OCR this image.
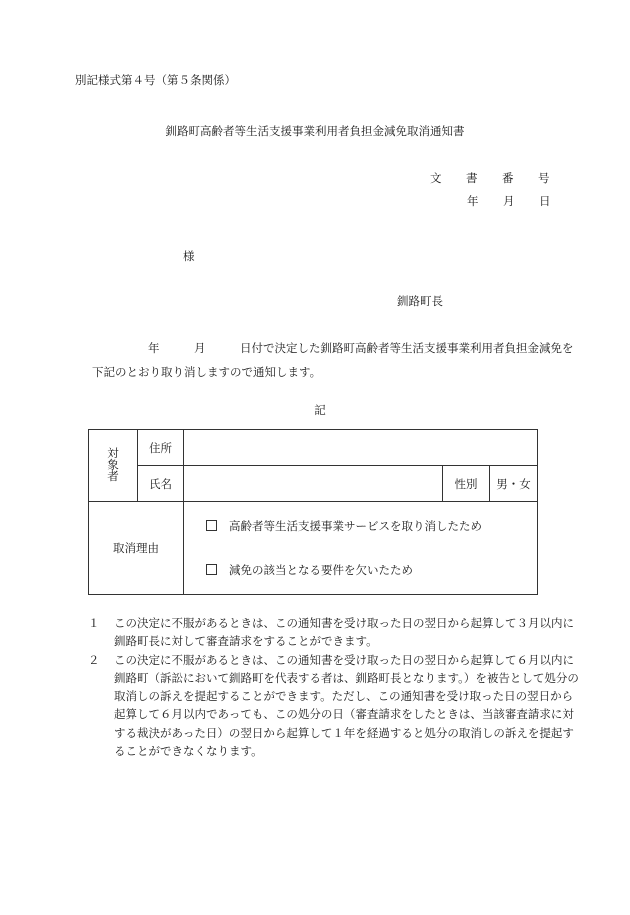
別記様式第４号（第５条関係）
釧路町高齢者等生活支援事業利用者負担金減免取消通知書
文 書 番 号
年 月 日
様
釧路町長
年　　　月　　　日付で決定した釧路町高齢者等生活支援事業利用者負担金減免を
下記のとおり取り消しますので通知します。
記
対象者	住所			
	氏名		性別	男・女
取消理由		高齢者等生活支援事業サービスを取り消したため
減免の該当となる要件を欠いたため		
１	この決定に不服があるときは、この通知書を受け取った日の翌日から起算して３月以内に釧路町長に対して審査請求をすることができます。
２	この決定に不服があるときは、この通知書を受け取った日の翌日から起算して６月以内に釧路町（訴訟において釧路町を代表する者は、釧路町長となります。）を被告として処分の取消しの訴えを提起することができます。ただし、この通知書を受け取った日の翌日から起算して６月以内であっても、この処分の日（審査請求をしたときは、当該審査請求に対する裁決があった日）の翌日から起算して１年を経過すると処分の取消しの訴えを提起することができなくなります。
